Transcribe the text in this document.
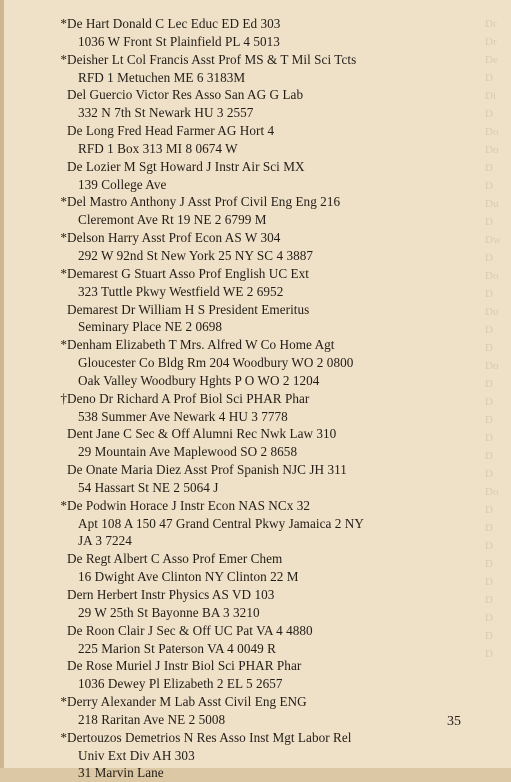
Dr
Dr
De
D
Di
D
Do
Do
D
D
Du
D
Dw
D
Do
D
Du
D
D
Do
D
D
D
D
D
D
Do
D
D
D
D
D
D
D
D
D
*De Hart Donald C Lec Educ ED Ed 303
1036 W Front St Plainfield PL 4 5013
*Deisher Lt Col Francis Asst Prof MS & T Mil Sci Tcts
RFD 1 Metuchen ME 6 3183M
Del Guercio Victor Res Asso San AG G Lab
332 N 7th St Newark HU 3 2557
De Long Fred Head Farmer AG Hort 4
RFD 1 Box 313 MI 8 0674 W
De Lozier M Sgt Howard J Instr Air Sci MX
139 College Ave
*Del Mastro Anthony J Asst Prof Civil Eng Eng 216
Cleremont Ave Rt 19 NE 2 6799 M
*Delson Harry Asst Prof Econ AS W 304
292 W 92nd St New York 25 NY SC 4 3887
*Demarest G Stuart Asso Prof English UC Ext
323 Tuttle Pkwy Westfield WE 2 6952
Demarest Dr William H S President Emeritus
Seminary Place NE 2 0698
*Denham Elizabeth T Mrs. Alfred W Co Home Agt
Gloucester Co Bldg Rm 204 Woodbury WO 2 0800
Oak Valley Woodbury Hghts P O WO 2 1204
†Deno Dr Richard A Prof Biol Sci PHAR Phar
538 Summer Ave Newark 4 HU 3 7778
Dent Jane C Sec & Off Alumni Rec Nwk Law 310
29 Mountain Ave Maplewood SO 2 8658
De Onate Maria Diez Asst Prof Spanish NJC JH 311
54 Hassart St NE 2 5064 J
*De Podwin Horace J Instr Econ NAS NCx 32
Apt 108 A 150 47 Grand Central Pkwy Jamaica 2 NY
JA 3 7224
De Regt Albert C Asso Prof Emer Chem
16 Dwight Ave Clinton NY Clinton 22 M
Dern Herbert Instr Physics AS VD 103
29 W 25th St Bayonne BA 3 3210
De Roon Clair J Sec & Off UC Pat VA 4 4880
225 Marion St Paterson VA 4 0049 R
De Rose Muriel J Instr Biol Sci PHAR Phar
1036 Dewey Pl Elizabeth 2 EL 5 2657
*Derry Alexander M Lab Asst Civil Eng ENG
218 Raritan Ave NE 2 5008
*Dertouzos Demetrios N Res Asso Inst Mgt Labor Rel
Univ Ext Div AH 303
31 Marvin Lane
35
